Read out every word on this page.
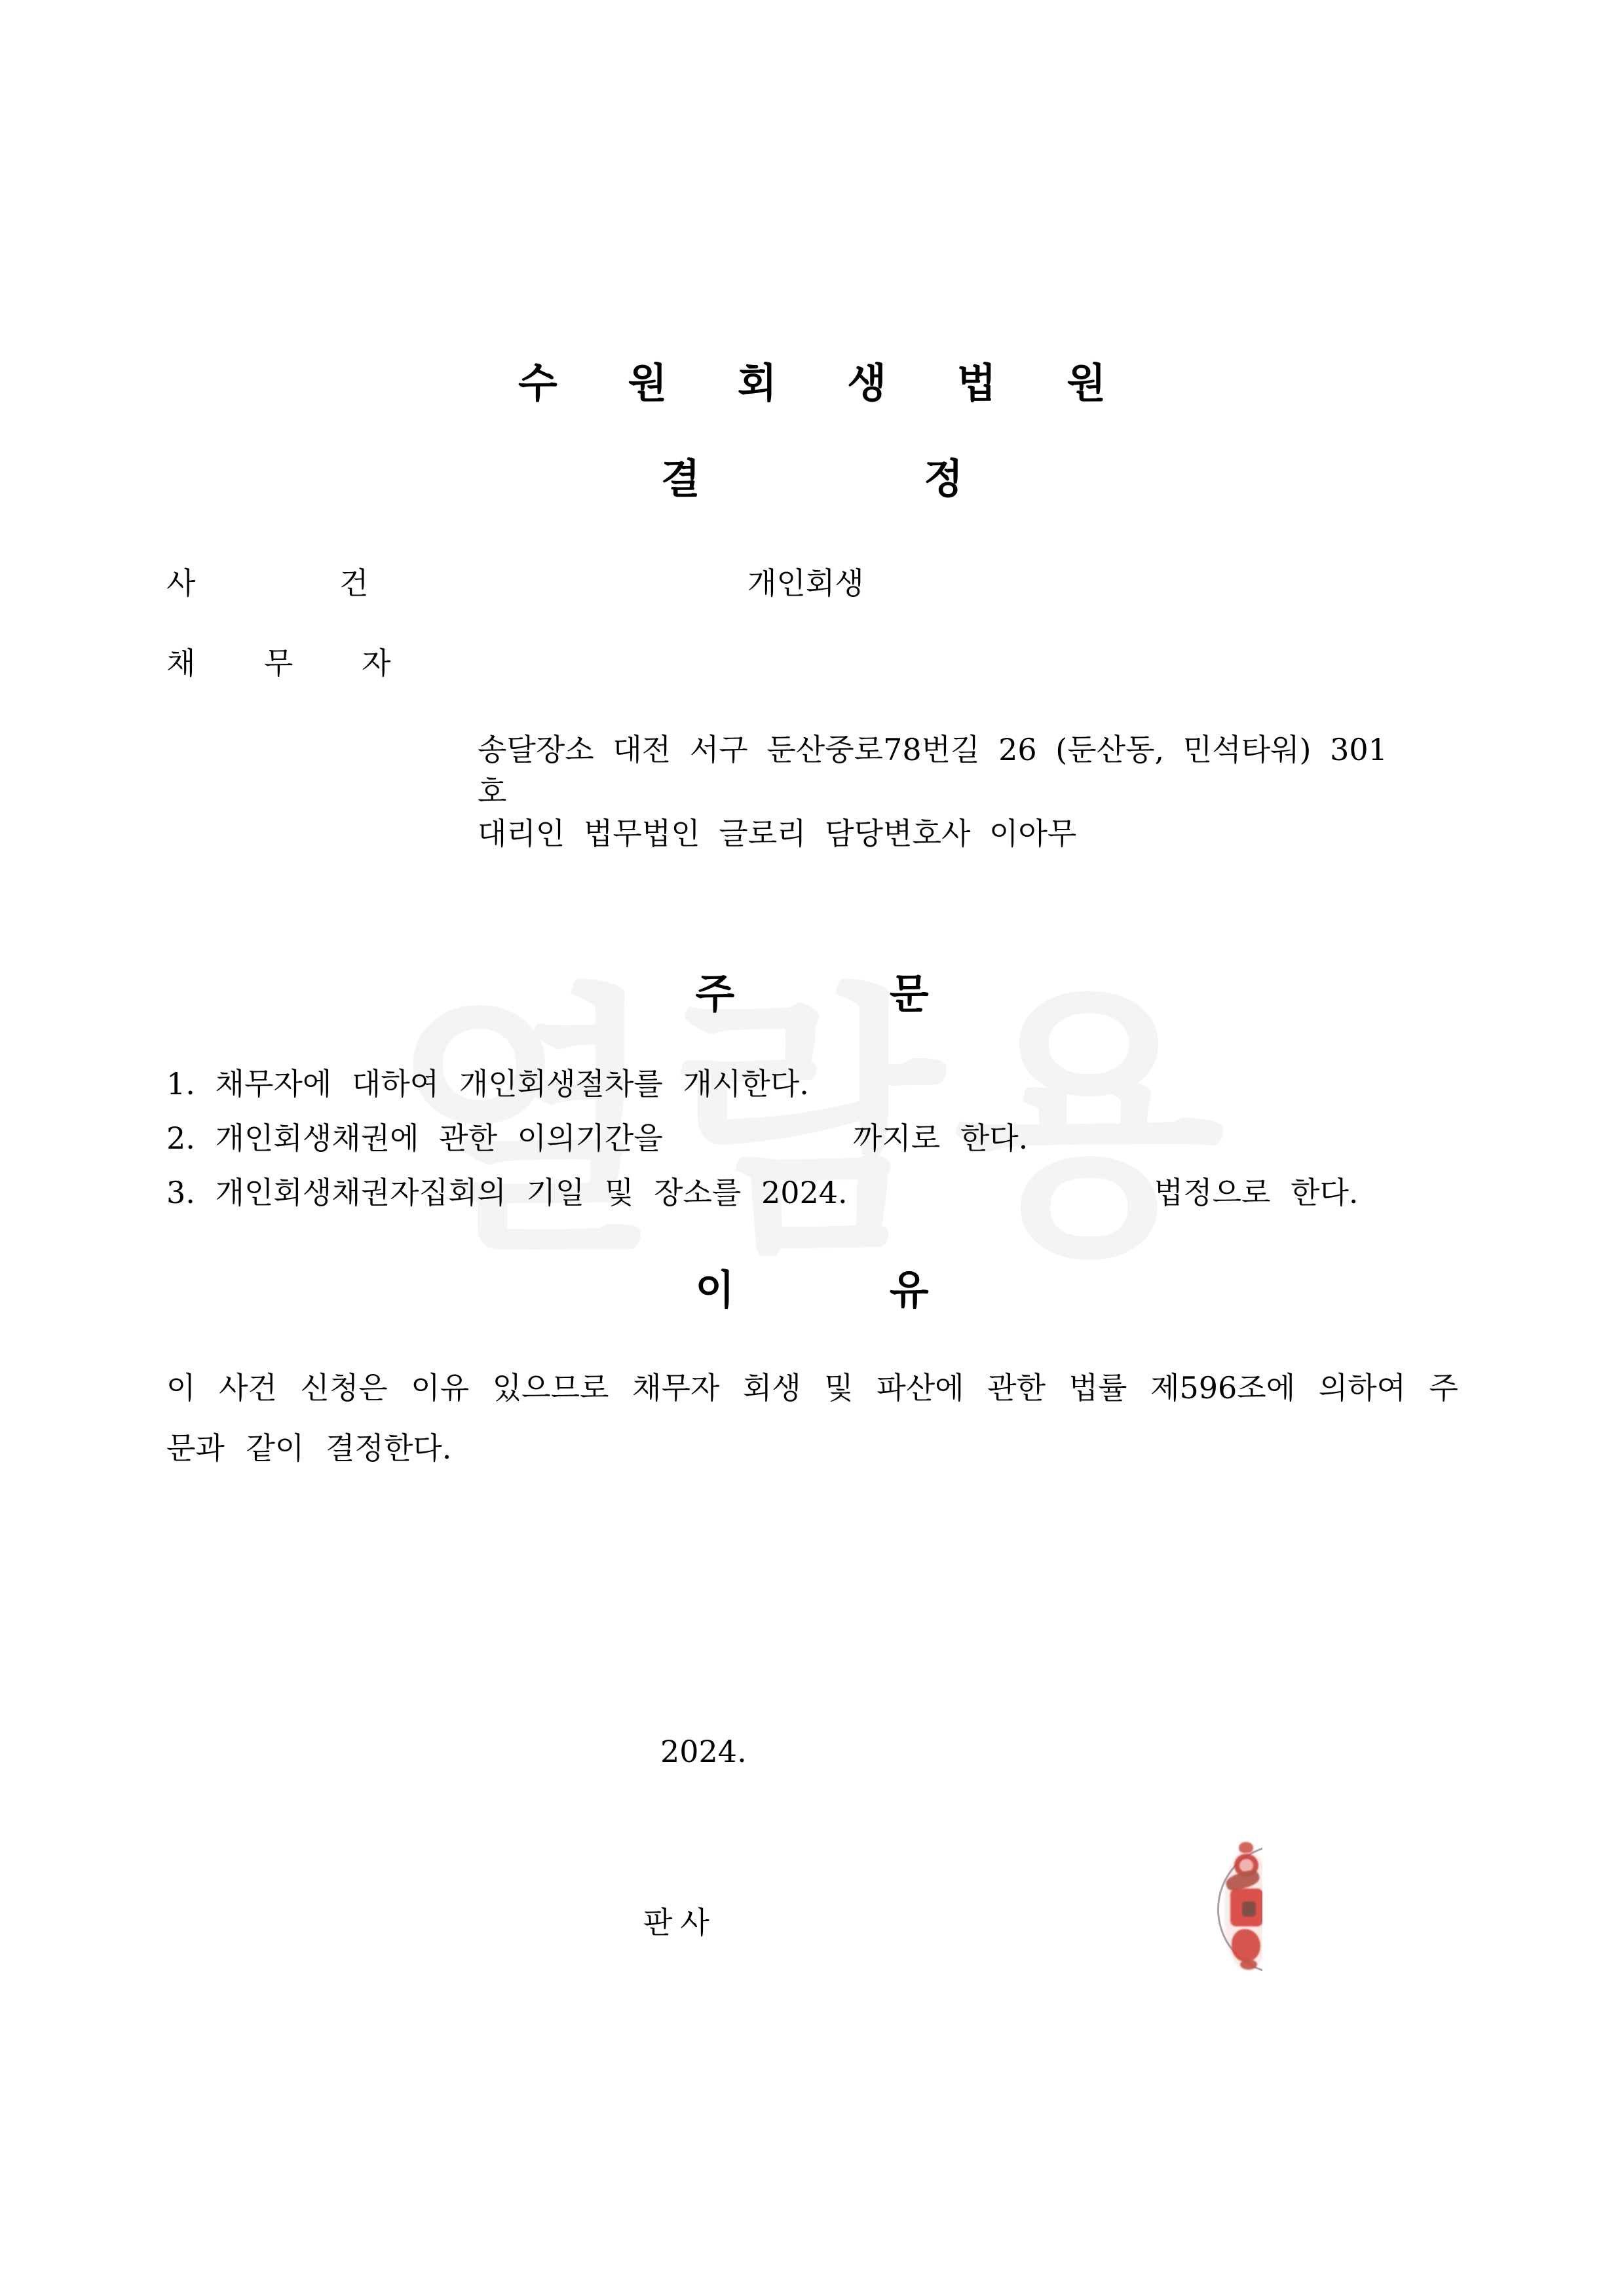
수 원 회 생 법 원
결 정
사 건	개인회생
채 무 자
송달장소 대전 서구 둔산중로78번길 26 (둔산동, 민석타워) 301
호
대리인 법무법인 글로리 담당변호사 이아무
주 문
1. 채무자에 대하여 개인회생절차를 개시한다.
2. 개인회생채권에 관한 이의기간을	까지로 한다.
3. 개인회생채권자집회의 기일 및 장소를 2024.	법정으로 한다.
이 유

이 사건 신청은 이유 있으므로 채무자 회생 및 파산에 관한 법률 제596조에 의하여 주문과 같이 결정한다.

2024.
판사
